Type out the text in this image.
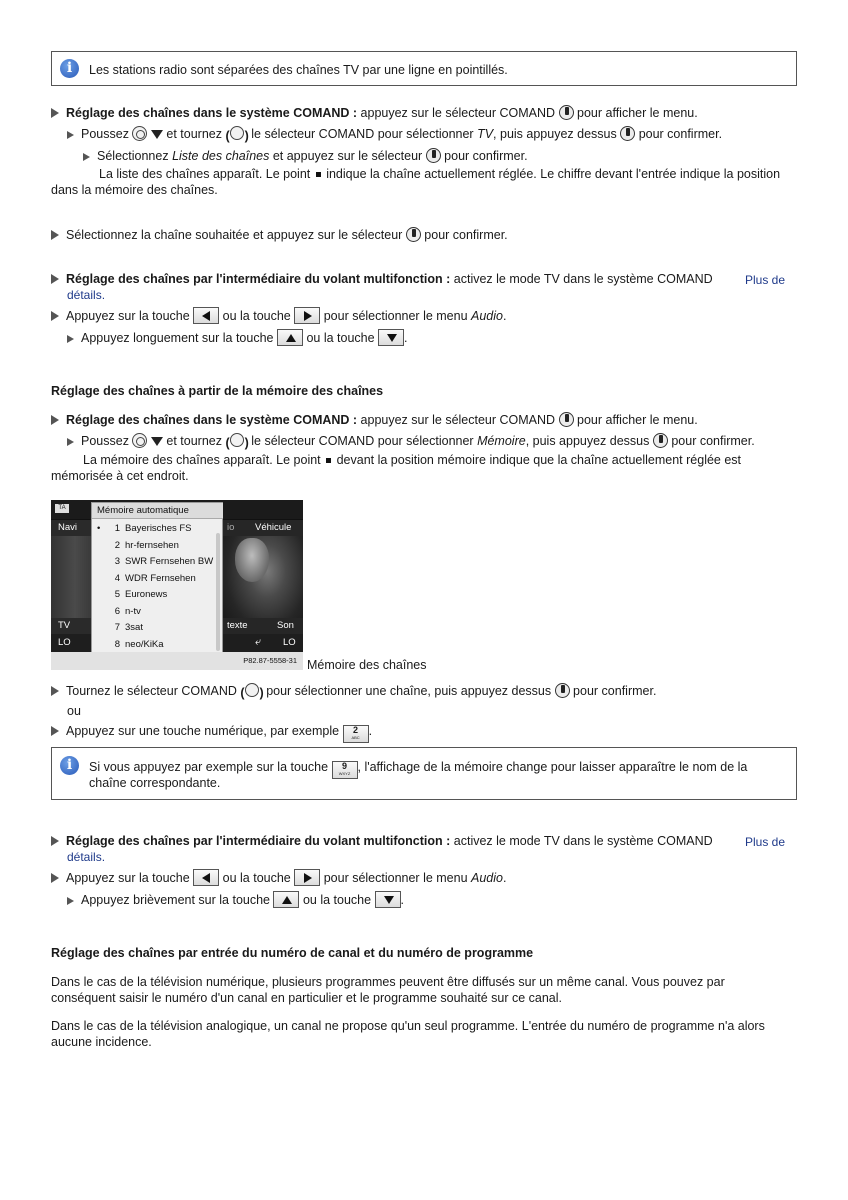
i	Les stations radio sont séparées des chaînes TV par une ligne en pointillés.
Réglage des chaînes dans le système COMAND : appuyez sur le sélecteur COMAND  pour afficher le menu.
Poussez   et tournez ( ) le sélecteur COMAND pour sélectionner TV, puis appuyez dessus  pour confirmer.
Sélectionnez Liste des chaînes et appuyez sur le sélecteur  pour confirmer.
La liste des chaînes apparaît. Le point  indique la chaîne actuellement réglée. Le chiffre devant l'entrée indique la position
dans la mémoire des chaînes.
Sélectionnez la chaîne souhaitée et appuyez sur le sélecteur  pour confirmer.
Réglage des chaînes par l'intermédiaire du volant multifonction : activez le mode TV dans le système COMAND	Plus de
détails.
Appuyez sur la touche  ou la touche  pour sélectionner le menu Audio.
Appuyez longuement sur la touche  ou la touche .
Réglage des chaînes à partir de la mémoire des chaînes
Réglage des chaînes dans le système COMAND : appuyez sur le sélecteur COMAND  pour afficher le menu.
Poussez   et tournez ( ) le sélecteur COMAND pour sélectionner Mémoire, puis appuyez dessus  pour confirmer.
La mémoire des chaînes apparaît. Le point  devant la position mémoire indique que la chaîne actuellement réglée est
mémorisée à cet endroit.
TA
Navi
TV
LO
io Véhicule
texte	Son
⤶ LO
Mémoire automatique
• 1 Bayerisches FS
2 hr-fernsehen
3 SWR Fernsehen BW
4 WDR Fernsehen
5 Euronews
6 n-tv
7 3sat
8 neo/KiKa
P82.87-5558-31 Mémoire des chaînes
Tournez le sélecteur COMAND ( ) pour sélectionner une chaîne, puis appuyez dessus  pour confirmer.
ou
Appuyez sur une touche numérique, par exemple 2
ABC .
i	Si vous appuyez par exemple sur la touche 9
WXYZ , l'affichage de la mémoire change pour laisser apparaître le nom de la
chaîne correspondante.
Réglage des chaînes par l'intermédiaire du volant multifonction : activez le mode TV dans le système COMAND	Plus de
détails.
Appuyez sur la touche  ou la touche  pour sélectionner le menu Audio.
Appuyez brièvement sur la touche  ou la touche .
Réglage des chaînes par entrée du numéro de canal et du numéro de programme
Dans le cas de la télévision numérique, plusieurs programmes peuvent être diffusés sur un même canal. Vous pouvez par
conséquent saisir le numéro d'un canal en particulier et le programme souhaité sur ce canal.
Dans le cas de la télévision analogique, un canal ne propose qu'un seul programme. L'entrée du numéro de programme n'a alors
aucune incidence.
